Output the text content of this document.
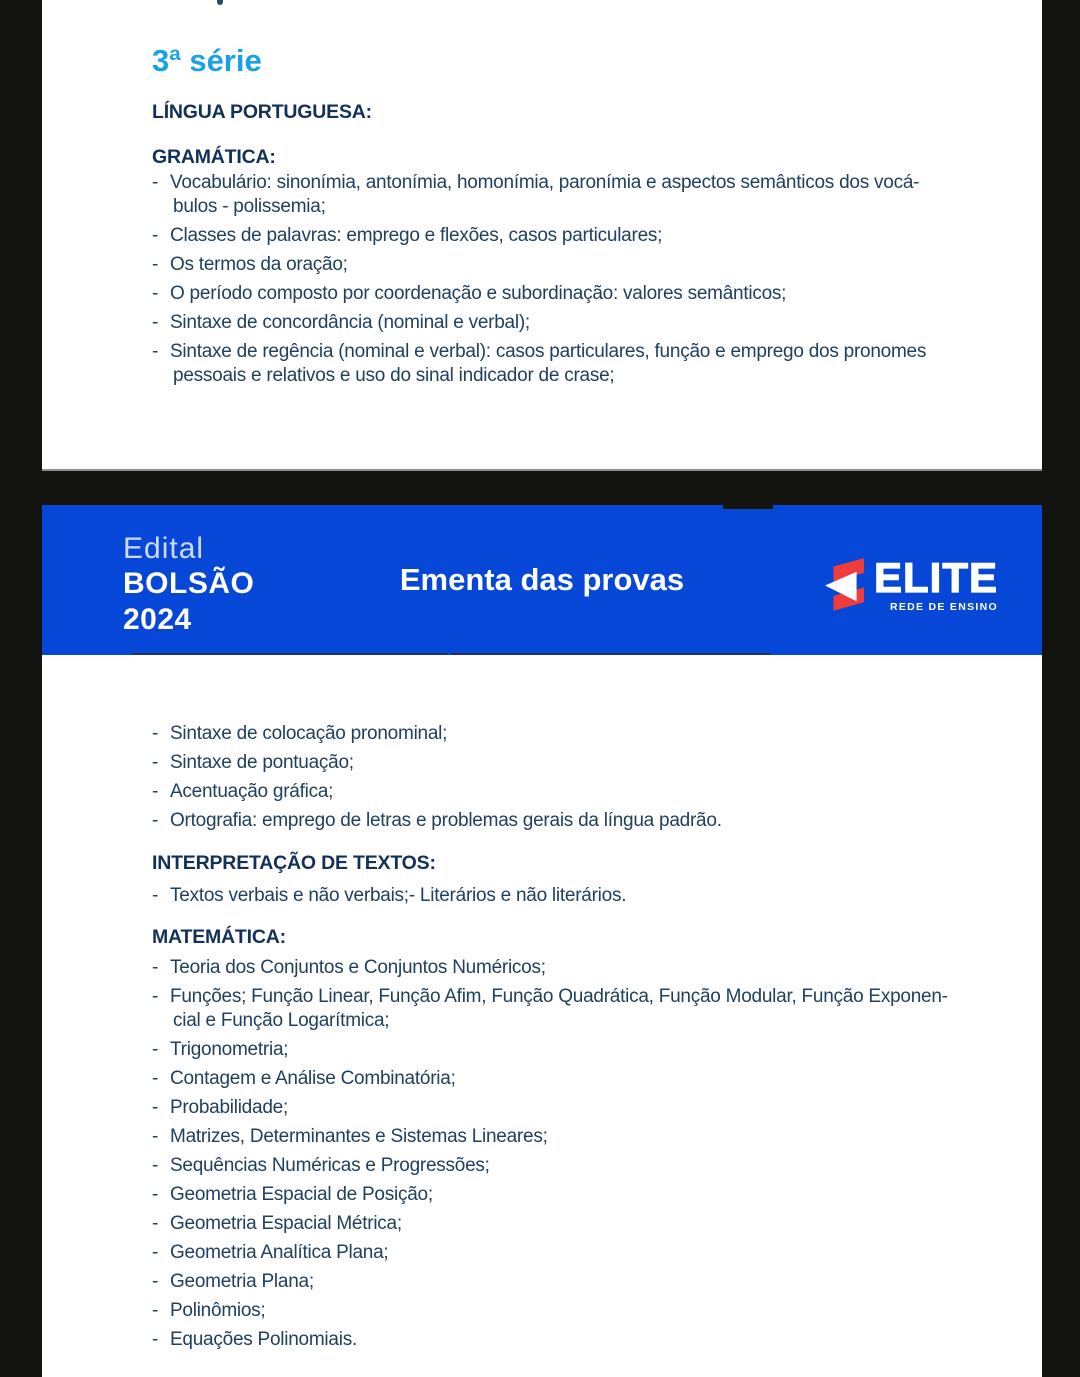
3ª série
LÍNGUA PORTUGUESA:
GRAMÁTICA:
- Vocabulário: sinonímia, antonímia, homonímia, paronímia e aspectos semânticos dos vocá-
bulos - polissemia;
- Classes de palavras: emprego e flexões, casos particulares;
- Os termos da oração;
- O período composto por coordenação e subordinação: valores semânticos;
- Sintaxe de concordância (nominal e verbal);
- Sintaxe de regência (nominal e verbal): casos particulares, função e emprego dos pronomes
pessoais e relativos e uso do sinal indicador de crase;
Edital
BOLSÃO
2024
Ementa das provas	ELITE
REDE DE ENSINO
- Sintaxe de colocação pronominal;
- Sintaxe de pontuação;
- Acentuação gráfica;
- Ortografia: emprego de letras e problemas gerais da língua padrão.
INTERPRETAÇÃO DE TEXTOS:
- Textos verbais e não verbais;- Literários e não literários.
MATEMÁTICA:
- Teoria dos Conjuntos e Conjuntos Numéricos;
- Funções; Função Linear, Função Afim, Função Quadrática, Função Modular, Função Exponen-
cial e Função Logarítmica;
- Trigonometria;
- Contagem e Análise Combinatória;
- Probabilidade;
- Matrizes, Determinantes e Sistemas Lineares;
- Sequências Numéricas e Progressões;
- Geometria Espacial de Posição;
- Geometria Espacial Métrica;
- Geometria Analítica Plana;
- Geometria Plana;
- Polinômios;
- Equações Polinomiais.
